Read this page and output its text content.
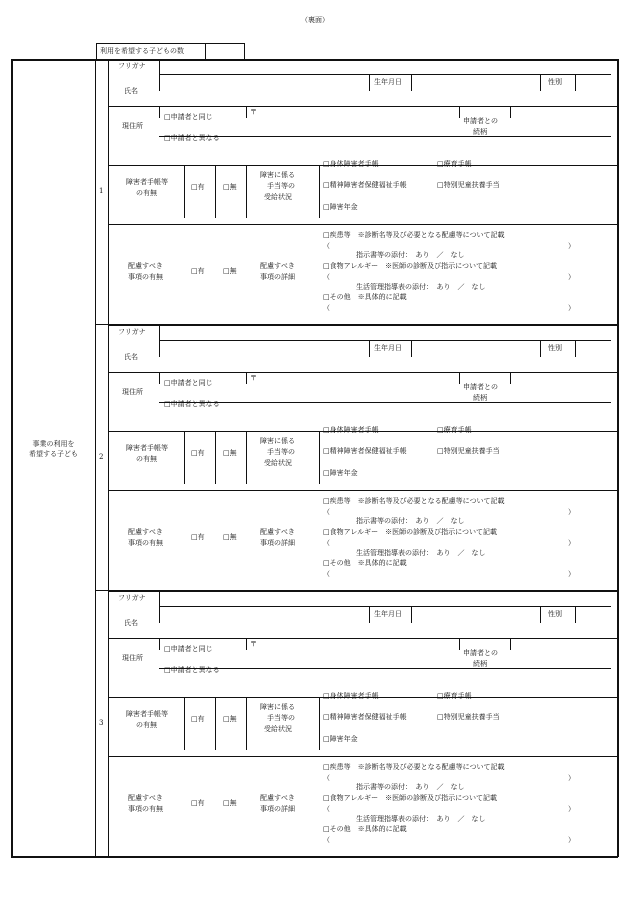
（裏面）
利用を希望する子どもの数
事業の利用を
希望する子ども
1
フリガナ
氏名
生年月日	性別
現住所
□申請者と同じ
□申請者と異なる
〒
申請者との
続柄
障害者手帳等
の有無
□有	□無
障害に係る
手当等の
受給状況
□身体障害者手帳	□療育手帳
□精神障害者保健福祉手帳	□特別児童扶養手当
□障害年金
配慮すべき
事項の有無
□有	□無
配慮すべき
事項の詳細
□疾患等　※診断名等及び必要となる配慮等について記載
（	）
指示書等の添付：　あり　／　なし
□食物アレルギー　※医師の診断及び指示について記載
（	）
生活管理指導表の添付：　あり　／　なし
□その他　※具体的に記載
（	）
2
フリガナ
氏名
生年月日	性別
現住所
□申請者と同じ
□申請者と異なる
〒
申請者との
続柄
障害者手帳等
の有無
□有	□無
障害に係る
手当等の
受給状況
□身体障害者手帳	□療育手帳
□精神障害者保健福祉手帳	□特別児童扶養手当
□障害年金
配慮すべき
事項の有無
□有	□無
配慮すべき
事項の詳細
□疾患等　※診断名等及び必要となる配慮等について記載
（	）
指示書等の添付：　あり　／　なし
□食物アレルギー　※医師の診断及び指示について記載
（	）
生活管理指導表の添付：　あり　／　なし
□その他　※具体的に記載
（	）
3
フリガナ
氏名
生年月日	性別
現住所
□申請者と同じ
□申請者と異なる
〒
申請者との
続柄
障害者手帳等
の有無
□有	□無
障害に係る
手当等の
受給状況
□身体障害者手帳	□療育手帳
□精神障害者保健福祉手帳	□特別児童扶養手当
□障害年金
配慮すべき
事項の有無
□有	□無
配慮すべき
事項の詳細
□疾患等　※診断名等及び必要となる配慮等について記載
（	）
指示書等の添付：　あり　／　なし
□食物アレルギー　※医師の診断及び指示について記載
（	）
生活管理指導表の添付：　あり　／　なし
□その他　※具体的に記載
（	）
